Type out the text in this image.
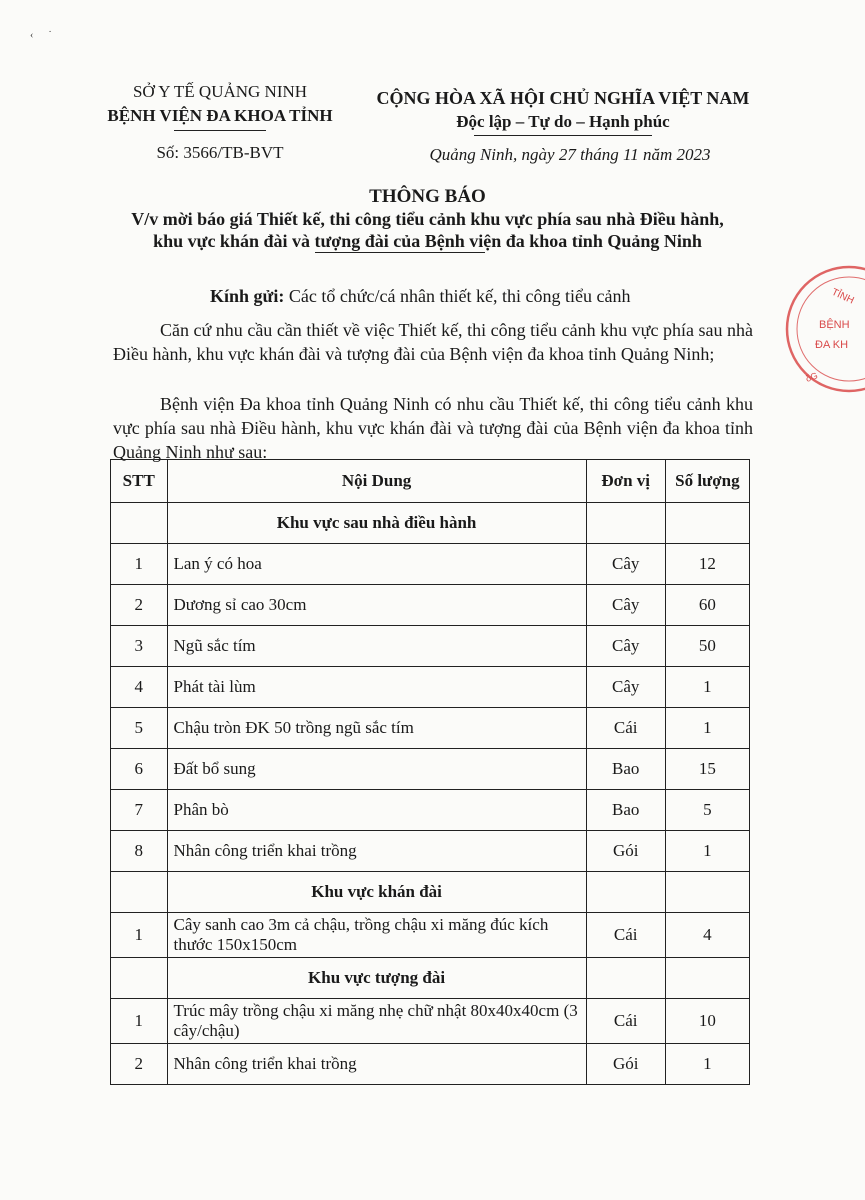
‹      ˙
SỞ Y TẾ QUẢNG NINH
BỆNH VIỆN ĐA KHOA TỈNH
Số: 3566/TB-BVT
CỘNG HÒA XÃ HỘI CHỦ NGHĨA VIỆT NAM
Độc lập – Tự do – Hạnh phúc
Quảng Ninh, ngày 27 tháng 11 năm 2023
THÔNG BÁO
V/v mời báo giá Thiết kế, thi công tiểu cảnh khu vực phía sau nhà Điều hành,
khu vực khán đài và tượng đài của Bệnh viện đa khoa tỉnh Quảng Ninh
Kính gửi: Các tổ chức/cá nhân thiết kế, thi công tiểu cảnh
Căn cứ nhu cầu cần thiết về việc Thiết kế, thi công tiểu cảnh khu vực phía sau nhà Điều hành, khu vực khán đài và tượng đài của Bệnh viện đa khoa tỉnh Quảng Ninh;
Bệnh viện Đa khoa tỉnh Quảng Ninh có nhu cầu Thiết kế, thi công tiểu cảnh khu vực phía sau nhà Điều hành, khu vực khán đài và tượng đài của Bệnh viện đa khoa tỉnh Quảng Ninh như sau:
STT	Nội Dung	Đơn vị	Số lượng
	Khu vực sau nhà điều hành		
1	Lan ý có hoa	Cây	12
2	Dương sỉ cao 30cm	Cây	60
3	Ngũ sắc tím	Cây	50
4	Phát tài lùm	Cây	1
5	Chậu tròn ĐK 50 trồng ngũ sắc tím	Cái	1
6	Đất bổ sung	Bao	15
7	Phân bò	Bao	5
8	Nhân công triển khai trồng	Gói	1
	Khu vực khán đài		
1	Cây sanh cao 3m cả chậu, trồng chậu xi măng đúc kích thước 150x150cm	Cái	4
	Khu vực tượng đài		
1	Trúc mây trồng chậu xi măng nhẹ chữ nhật 80x40x40cm (3 cây/chậu)	Cái	10
2	Nhân công triển khai trồng	Gói	1
TỈNH
BỆNH
ĐA KH
δG
